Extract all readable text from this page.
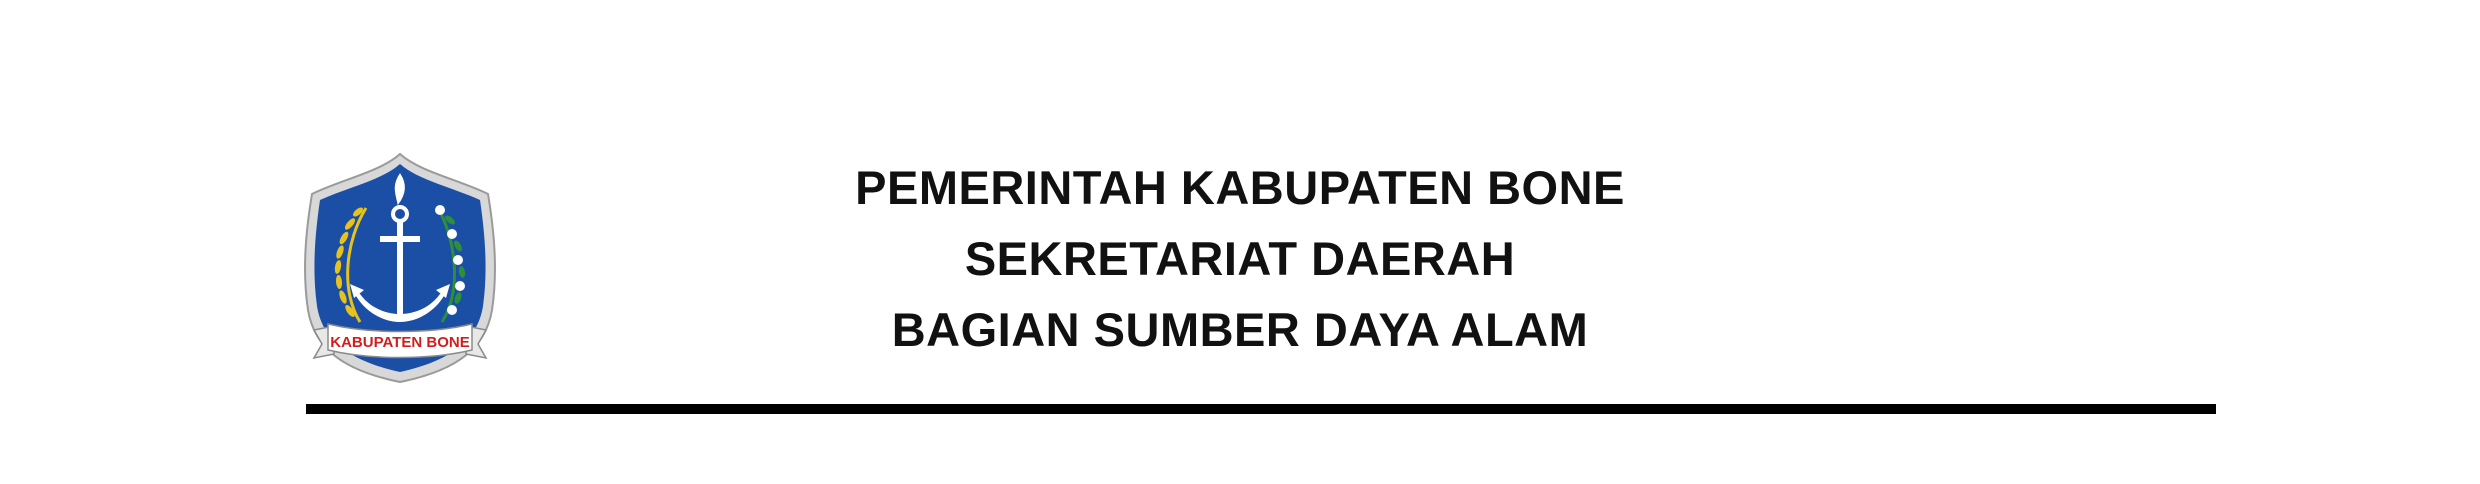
KABUPATEN BONE
PEMERINTAH KABUPATEN BONE
SEKRETARIAT DAERAH
BAGIAN SUMBER DAYA ALAM
